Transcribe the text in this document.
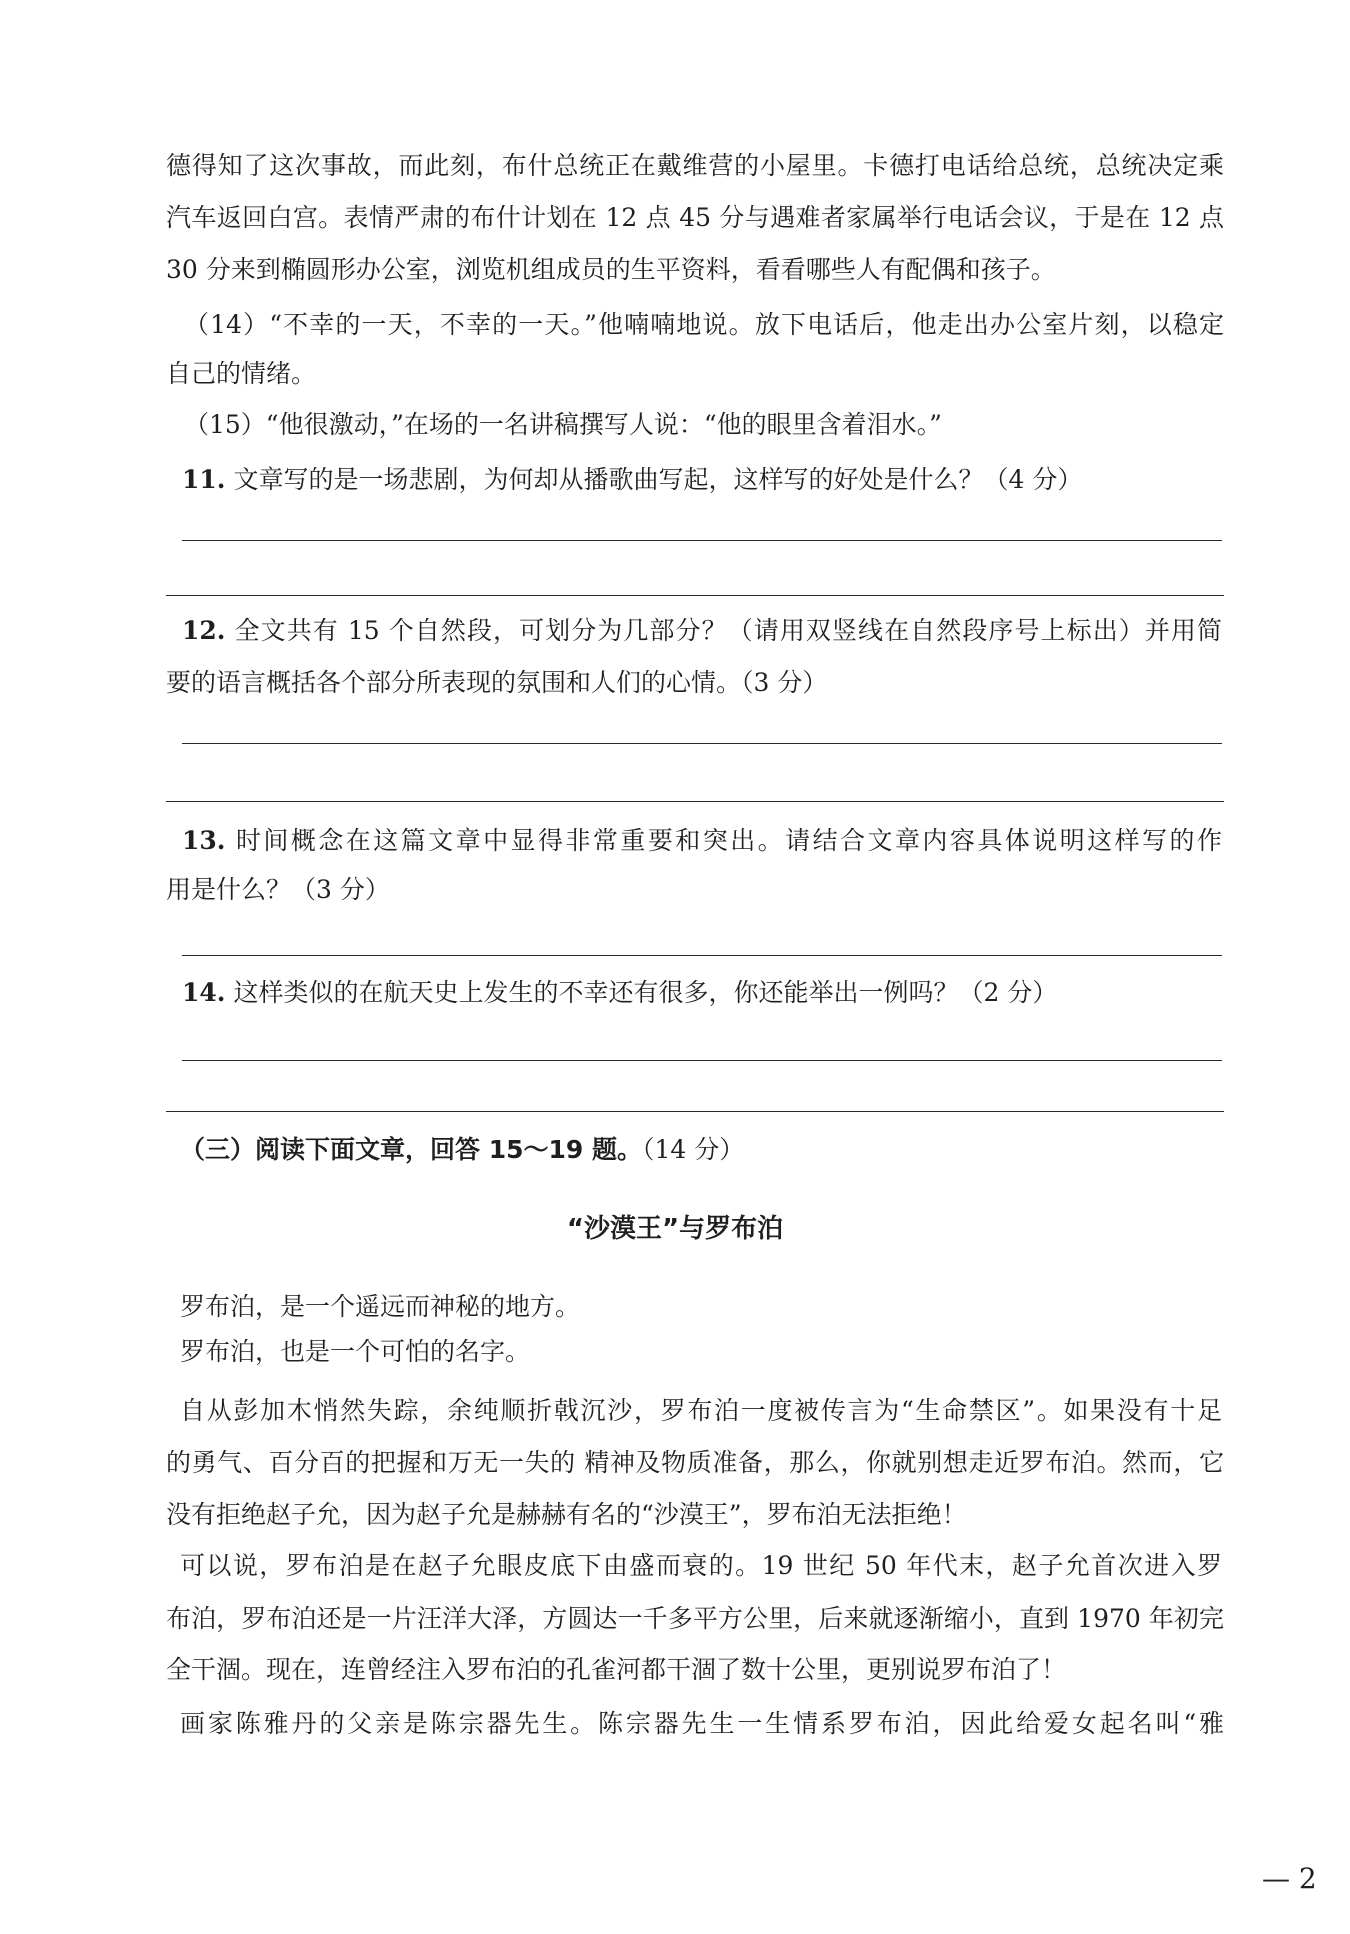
德得知了这次事故，而此刻，布什总统正在戴维营的小屋里。卡德打电话给总统，总统决定乘
汽车返回白宫。表情严肃的布什计划在 12 点 45 分与遇难者家属举行电话会议，于是在 12 点
30 分来到椭圆形办公室，浏览机组成员的生平资料，看看哪些人有配偶和孩子。
（14）“不幸的一天，不幸的一天。”他喃喃地说。放下电话后，他走出办公室片刻，以稳定
自己的情绪。
（15）“他很激动，”在场的一名讲稿撰写人说：“他的眼里含着泪水。”
11. 文章写的是一场悲剧，为何却从播歌曲写起，这样写的好处是什么？（4 分）
12. 全文共有 15 个自然段，可划分为几部分？（请用双竖线在自然段序号上标出）并用简
要的语言概括各个部分所表现的氛围和人们的心情。（3 分）
13. 时间概念在这篇文章中显得非常重要和突出。请结合文章内容具体说明这样写的作
用是什么？（3 分）
14. 这样类似的在航天史上发生的不幸还有很多，你还能举出一例吗？（2 分）
（三）阅读下面文章，回答 15～19 题。（14 分）
“沙漠王”与罗布泊
罗布泊，是一个遥远而神秘的地方。
罗布泊，也是一个可怕的名字。
自从彭加木悄然失踪，余纯顺折戟沉沙，罗布泊一度被传言为“生命禁区”。如果没有十足
的勇气、百分百的把握和万无一失的 精神及物质准备，那么，你就别想走近罗布泊。然而，它
没有拒绝赵子允，因为赵子允是赫赫有名的“沙漠王”，罗布泊无法拒绝！
可以说，罗布泊是在赵子允眼皮底下由盛而衰的。19 世纪 50 年代末，赵子允首次进入罗
布泊，罗布泊还是一片汪洋大泽，方圆达一千多平方公里，后来就逐渐缩小，直到 1970 年初完
全干涸。现在，连曾经注入罗布泊的孔雀河都干涸了数十公里，更别说罗布泊了！
画家陈雅丹的父亲是陈宗器先生。陈宗器先生一生情系罗布泊，因此给爱女起名叫“雅
— 2
